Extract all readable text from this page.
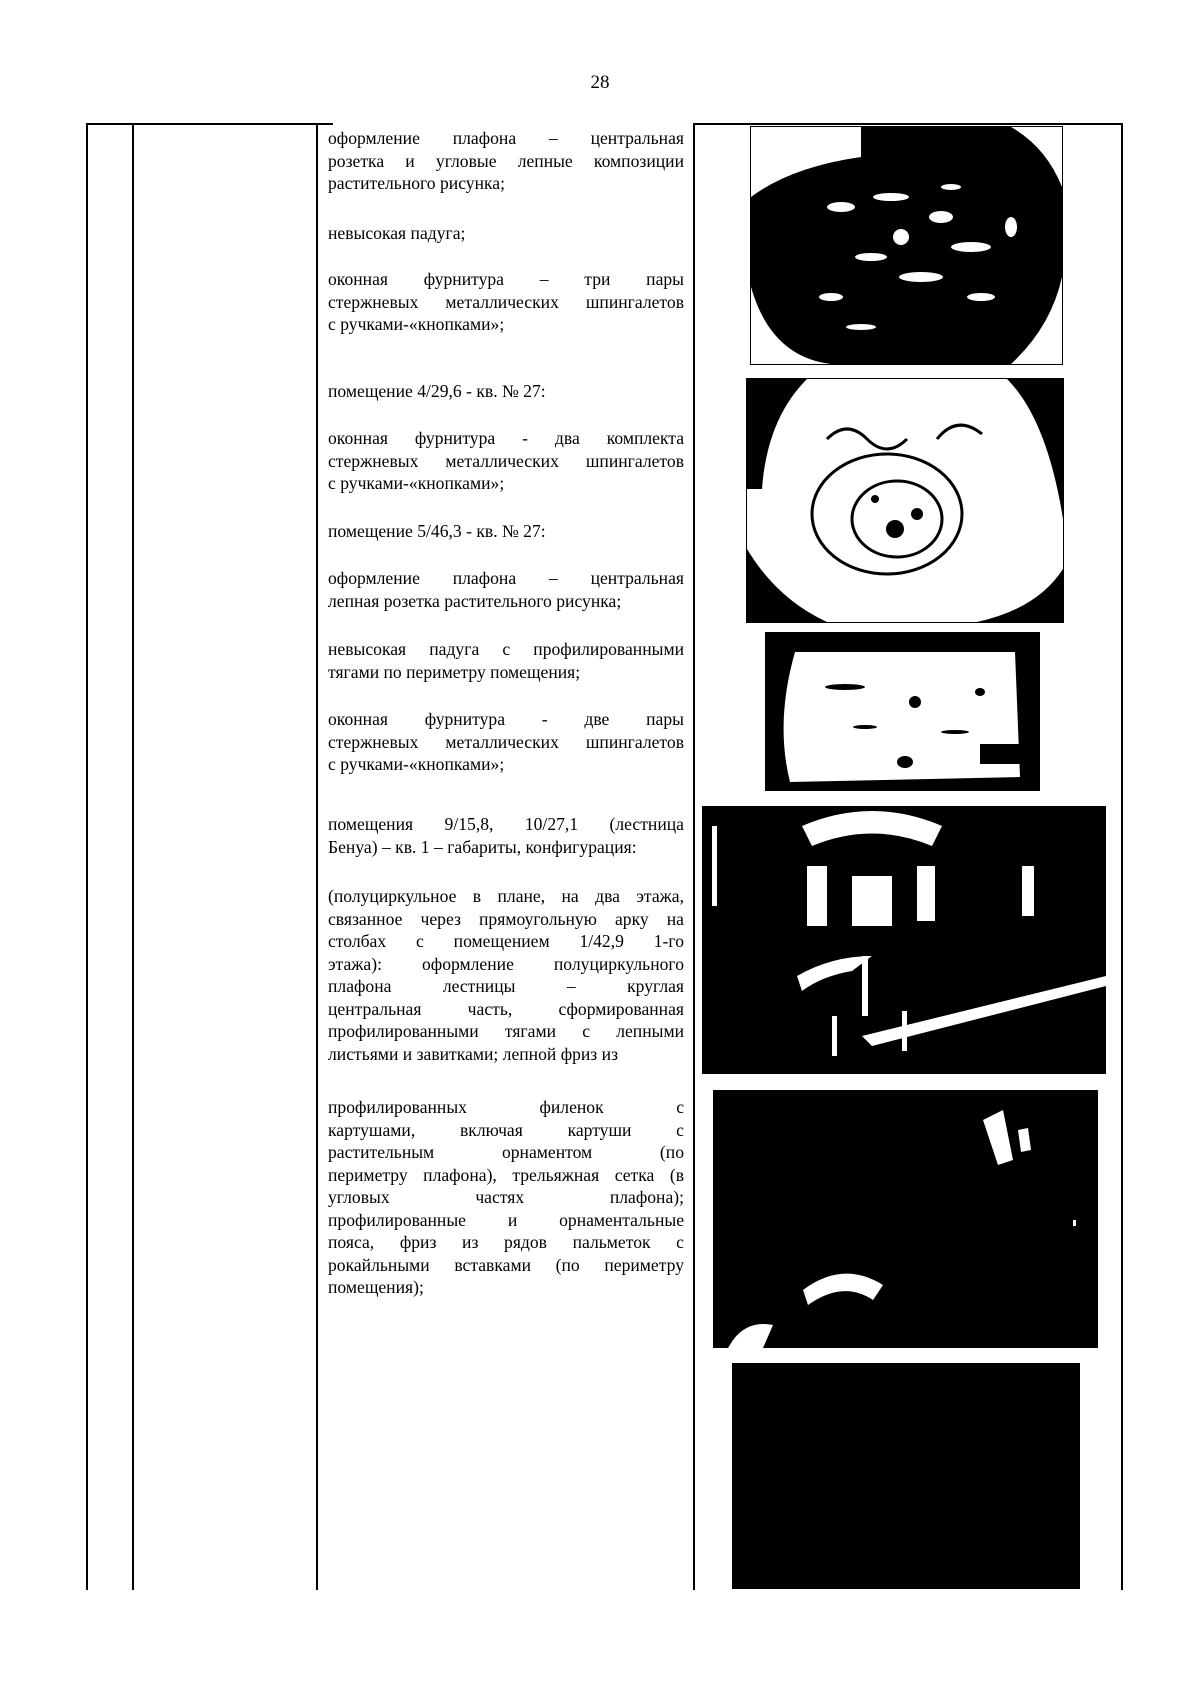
28
оформление плафона – центральная
розетка и угловые лепные композиции
растительного рисунка;
невысокая падуга;
оконная фурнитура – три пары
стержневых металлических шпингалетов
с ручками-«кнопками»;
помещение 4/29,6 - кв. № 27:
оконная фурнитура - два комплекта
стержневых металлических шпингалетов
с ручками-«кнопками»;
помещение 5/46,3 - кв. № 27:
оформление плафона – центральная
лепная розетка растительного рисунка;
невысокая падуга с профилированными
тягами по периметру помещения;
оконная фурнитура - две пары
стержневых металлических шпингалетов
с ручками-«кнопками»;
помещения 9/15,8, 10/27,1 (лестница
Бенуа) – кв. 1 – габариты, конфигурация:
(полуциркульное в плане, на два этажа,
связанное через прямоугольную арку на
столбах с помещением 1/42,9 1-го
этажа): оформление полуциркульного
плафона лестницы – круглая
центральная часть, сформированная
профилированными тягами с лепными
листьями и завитками; лепной фриз из
профилированных филенок с
картушами, включая картуши с
растительным орнаментом (по
периметру плафона), трельяжная сетка (в
угловых частях плафона);
профилированные и орнаментальные
пояса, фриз из рядов пальметок с
рокайльными вставками (по периметру
помещения);
